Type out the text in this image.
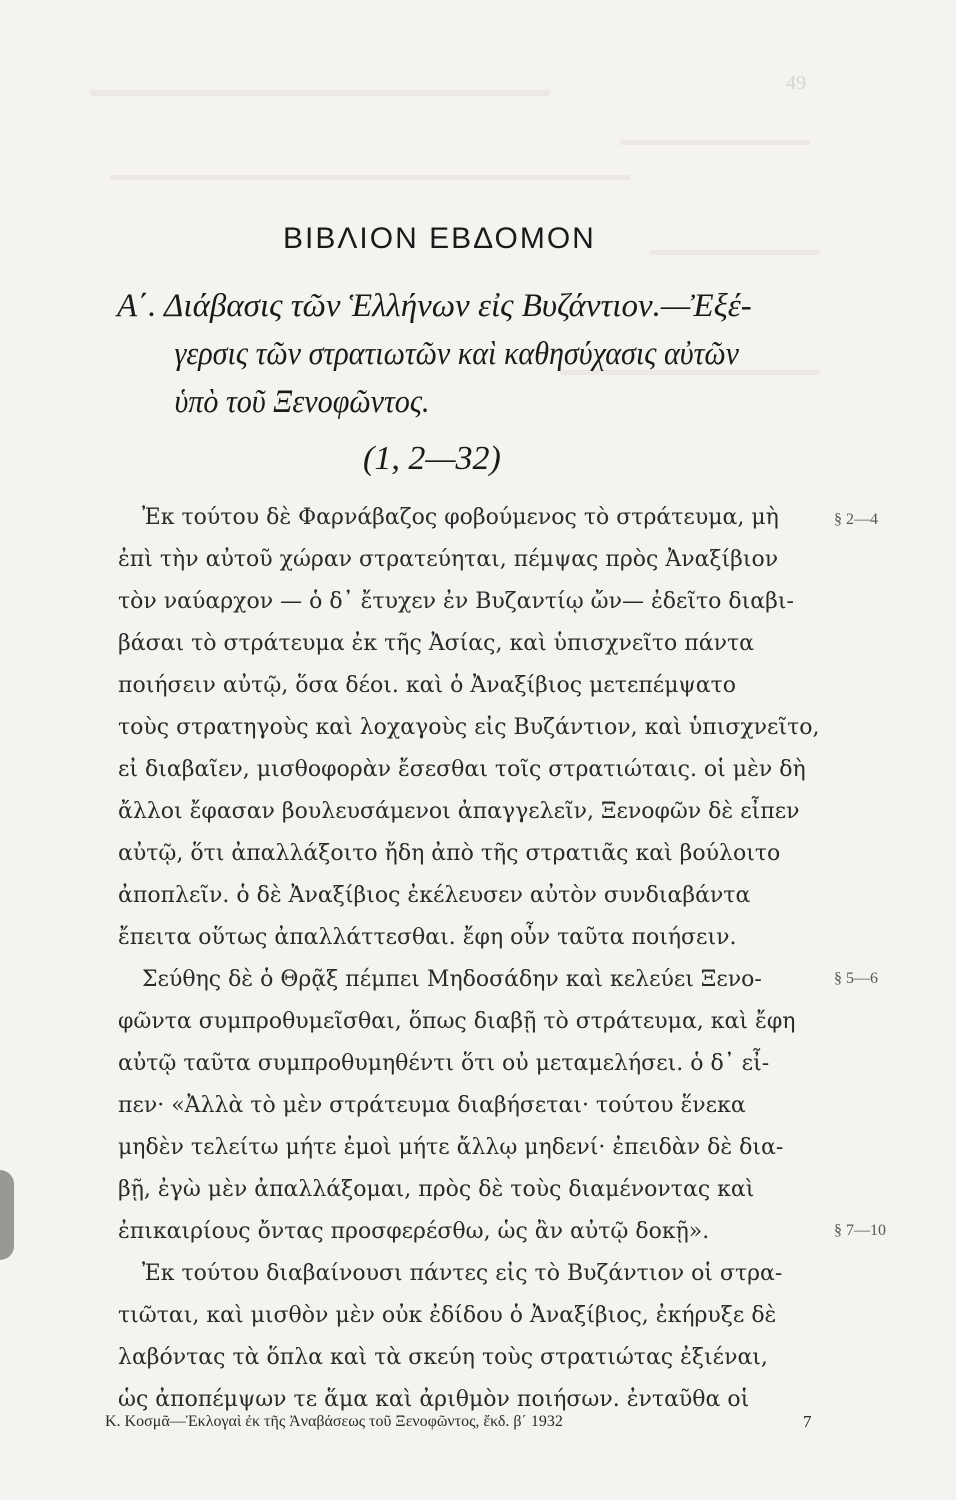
49
ΒΙΒΛΙΟΝ ΕΒΔΟΜΟΝ
Α΄. Διάβασις τῶν Ἑλλήνων εἰς Βυζάντιον.—Ἐξέ-
γερσις τῶν στρατιωτῶν καὶ καθησύχασις αὐτῶν
ὑπὸ τοῦ Ξενοφῶντος.
(1, 2—32)
Ἐκ τούτου δὲ Φαρνάβαζος φοβούμενος τὸ στράτευμα, μὴ
ἐπὶ τὴν αὐτοῦ χώραν στρατεύηται, πέμψας πρὸς Ἀναξίβιον
τὸν ναύαρχον — ὁ δ᾽ ἔτυχεν ἐν Βυζαντίῳ ὤν— ἐδεῖτο διαβι-
βάσαι τὸ στράτευμα ἐκ τῆς Ἀσίας, καὶ ὑπισχνεῖτο πάντα
ποιήσειν αὐτῷ, ὅσα δέοι. καὶ ὁ Ἀναξίβιος μετεπέμψατο
τοὺς στρατηγοὺς καὶ λοχαγοὺς εἰς Βυζάντιον, καὶ ὑπισχνεῖτο,
εἰ διαβαῖεν, μισθοφορὰν ἔσεσθαι τοῖς στρατιώταις. οἱ μὲν δὴ
ἄλλοι ἔφασαν βουλευσάμενοι ἀπαγγελεῖν, Ξενοφῶν δὲ εἶπεν
αὐτῷ, ὅτι ἀπαλλάξοιτο ἤδη ἀπὸ τῆς στρατιᾶς καὶ βούλοιτο
ἀποπλεῖν. ὁ δὲ Ἀναξίβιος ἐκέλευσεν αὐτὸν συνδιαβάντα
ἔπειτα οὕτως ἀπαλλάττεσθαι. ἔφη οὖν ταῦτα ποιήσειν.
Σεύθης δὲ ὁ Θρᾷξ πέμπει Μηδοσάδην καὶ κελεύει Ξενο-
φῶντα συμπροθυμεῖσθαι, ὅπως διαβῇ τὸ στράτευμα, καὶ ἔφη
αὐτῷ ταῦτα συμπροθυμηθέντι ὅτι οὐ μεταμελήσει. ὁ δ᾽ εἶ-
πεν· «Ἀλλὰ τὸ μὲν στράτευμα διαβήσεται· τούτου ἕνεκα
μηδὲν τελείτω μήτε ἐμοὶ μήτε ἄλλῳ μηδενί· ἐπειδὰν δὲ δια-
βῇ, ἐγὼ μὲν ἀπαλλάξομαι, πρὸς δὲ τοὺς διαμένοντας καὶ
ἐπικαιρίους ὄντας προσφερέσθω, ὡς ἂν αὐτῷ δοκῇ».
Ἐκ τούτου διαβαίνουσι πάντες εἰς τὸ Βυζάντιον οἱ στρα-
τιῶται, καὶ μισθὸν μὲν οὐκ ἐδίδου ὁ Ἀναξίβιος, ἐκήρυξε δὲ
λαβόντας τὰ ὅπλα καὶ τὰ σκεύη τοὺς στρατιώτας ἐξιέναι,
ὡς ἀποπέμψων τε ἅμα καὶ ἀριθμὸν ποιήσων. ἐνταῦθα οἱ
§ 2—4
§ 5—6
§ 7—10
Κ. Κοσμᾶ—Ἐκλογαὶ ἐκ τῆς Ἀναβάσεως τοῦ Ξενοφῶντος, ἔκδ. β΄ 1932	7
